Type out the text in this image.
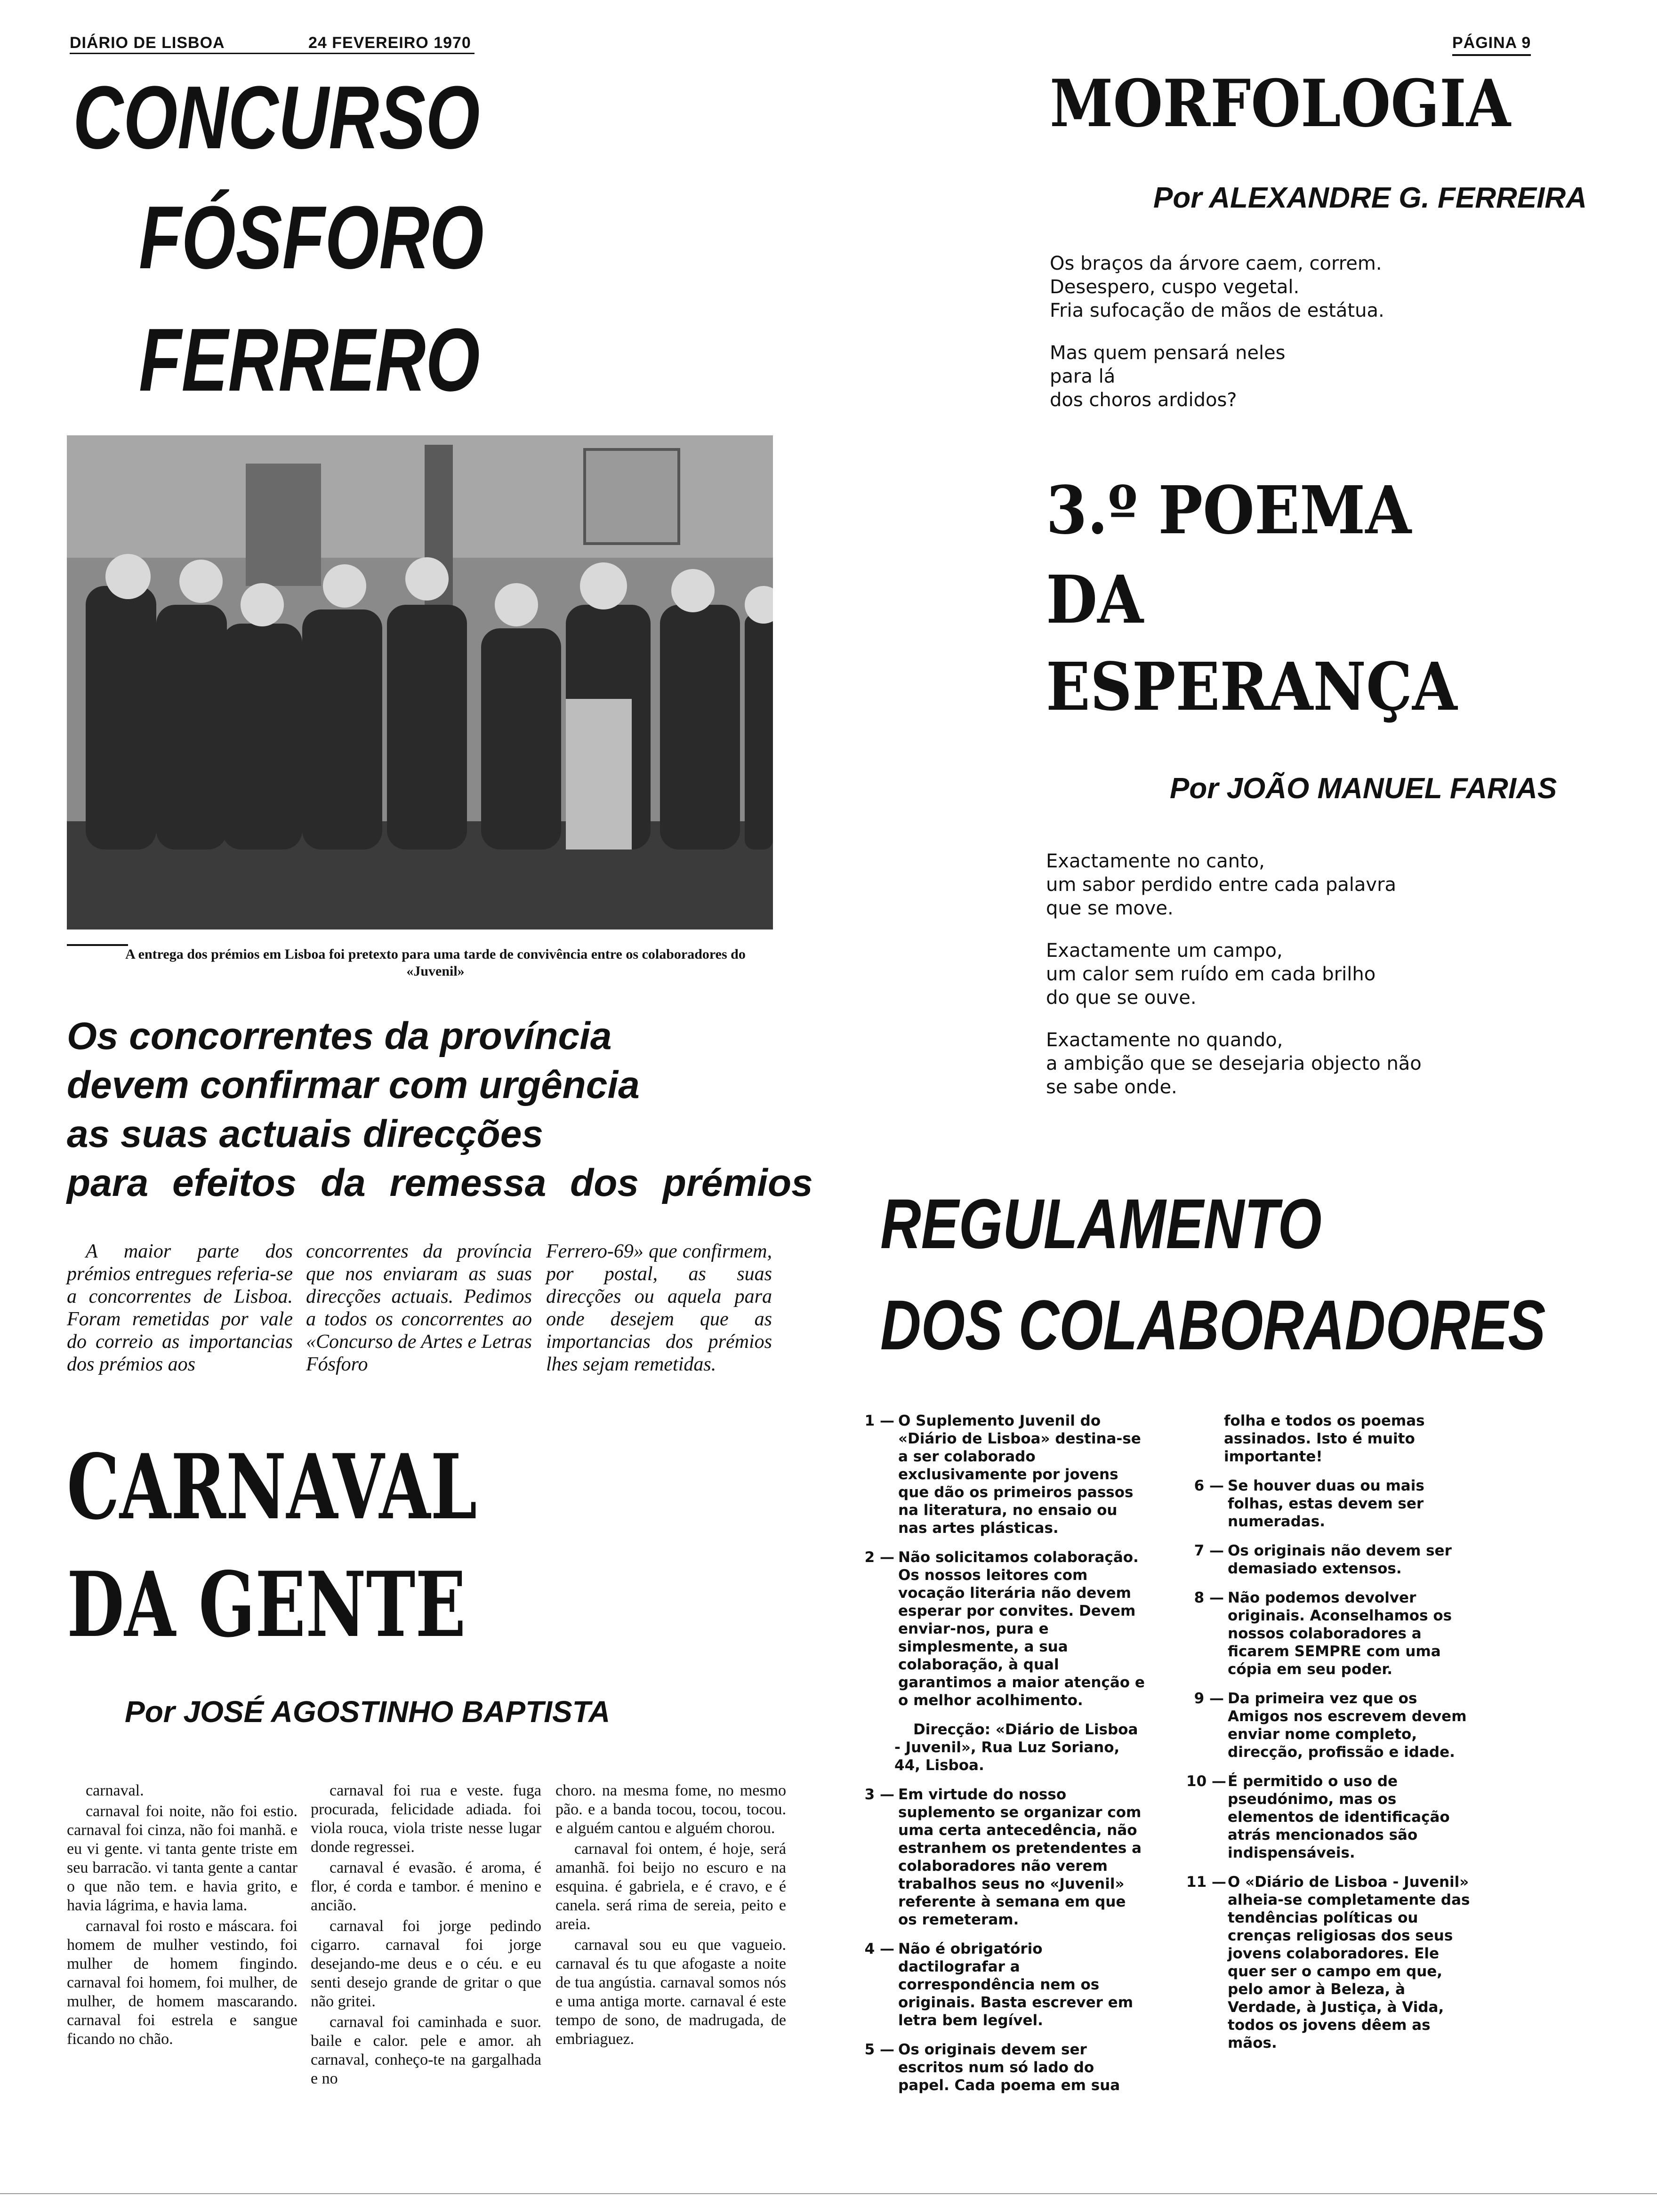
DIÁRIO DE LISBOA	24 FEVEREIRO 1970	PÁGINA 9
CONCURSO
FÓSFORO
FERRERO
A entrega dos prémios em Lisboa foi pretexto para uma tarde de convivência entre os colaboradores do «Juvenil»
Os concorrentes da província
devem confirmar com urgência
as suas actuais direcções
para efeitos da remessa dos prémios
A maior parte dos prémios entregues referia-se a concorrentes de Lisboa. Foram remetidas por vale do correio as importancias dos prémios aos
concorrentes da província que nos enviaram as suas direcções actuais. Pedimos a todos os concorrentes ao «Concurso de Artes e Letras Fósforo
Ferrero-69» que confirmem, por postal, as suas direcções ou aquela para onde desejem que as importancias dos prémios lhes sejam remetidas.
MORFOLOGIA
Por ALEXANDRE G. FERREIRA

Os braços da árvore caem, correm.
Desespero, cuspo vegetal.
Fria sufocação de mãos de estátua.

Mas quem pensará neles
para lá
dos choros ardidos?

3.º POEMA
DA
ESPERANÇA
Por JOÃO MANUEL FARIAS

Exactamente no canto,
um sabor perdido entre cada palavra
que se move.

Exactamente um campo,
um calor sem ruído em cada brilho
do que se ouve.

Exactamente no quando,
a ambição que se desejaria objecto não
se sabe onde.

REGULAMENTO
DOS COLABORADORES
1 — O Suplemento Juvenil do «Diário de Lisboa» destina-se a ser colaborado exclusivamente por jovens que dão os primeiros passos na literatura, no ensaio ou nas artes plásticas.
2 — Não solicitamos colaboração. Os nossos leitores com vocação literária não devem esperar por convites. Devem enviar-nos, pura e simplesmente, a sua colaboração, à qual garantimos a maior atenção e o melhor acolhimento.
Direcção: «Diário de Lisboa - Juvenil», Rua Luz Soriano, 44, Lisboa.
3 — Em virtude do nosso suplemento se organizar com uma certa antecedência, não estranhem os pretendentes a colaboradores não verem trabalhos seus no «Juvenil» referente à semana em que os remeteram.
4 — Não é obrigatório dactilografar a correspondência nem os originais. Basta escrever em letra bem legível.
5 — Os originais devem ser escritos num só lado do papel. Cada poema em sua
folha e todos os poemas assinados. Isto é muito importante!
6 — Se houver duas ou mais folhas, estas devem ser numeradas.
7 — Os originais não devem ser demasiado extensos.
8 — Não podemos devolver originais. Aconselhamos os nossos colaboradores a ficarem SEMPRE com uma cópia em seu poder.
9 — Da primeira vez que os Amigos nos escrevem devem enviar nome completo, direcção, profissão e idade.
10 — É permitido o uso de pseudónimo, mas os elementos de identificação atrás mencionados são indispensáveis.
11 — O «Diário de Lisboa - Juvenil» alheia-se completamente das tendências políticas ou crenças religiosas dos seus jovens colaboradores. Ele quer ser o campo em que, pelo amor à Beleza, à Verdade, à Justiça, à Vida, todos os jovens dêem as mãos.
CARNAVAL
DA GENTE
Por JOSÉ AGOSTINHO BAPTISTA

carnaval.

carnaval foi noite, não foi estio. carnaval foi cinza, não foi manhã. e eu vi gente. vi tanta gente triste em seu barracão. vi tanta gente a cantar o que não tem. e havia grito, e havia lágrima, e havia lama.

carnaval foi rosto e máscara. foi homem de mulher vestindo, foi mulher de homem fingindo. carnaval foi homem, foi mulher, de mulher, de homem mascarando. carnaval foi estrela e sangue ficando no chão.

carnaval foi rua e veste. fuga procurada, felicidade adiada. foi viola rouca, viola triste nesse lugar donde regressei.

carnaval é evasão. é aroma, é flor, é corda e tambor. é menino e ancião.

carnaval foi jorge pedindo cigarro. carnaval foi jorge desejando-me deus e o céu. e eu senti desejo grande de gritar o que não gritei.

carnaval foi caminhada e suor. baile e calor. pele e amor. ah carnaval, conheço-te na gargalhada e no

choro. na mesma fome, no mesmo pão. e a banda tocou, tocou, tocou. e alguém cantou e alguém chorou.

carnaval foi ontem, é hoje, será amanhã. foi beijo no escuro e na esquina. é gabriela, e é cravo, e é canela. será rima de sereia, peito e areia.

carnaval sou eu que vagueio. carnaval és tu que afogaste a noite de tua angústia. carnaval somos nós e uma antiga morte. carnaval é este tempo de sono, de madrugada, de embriaguez.
